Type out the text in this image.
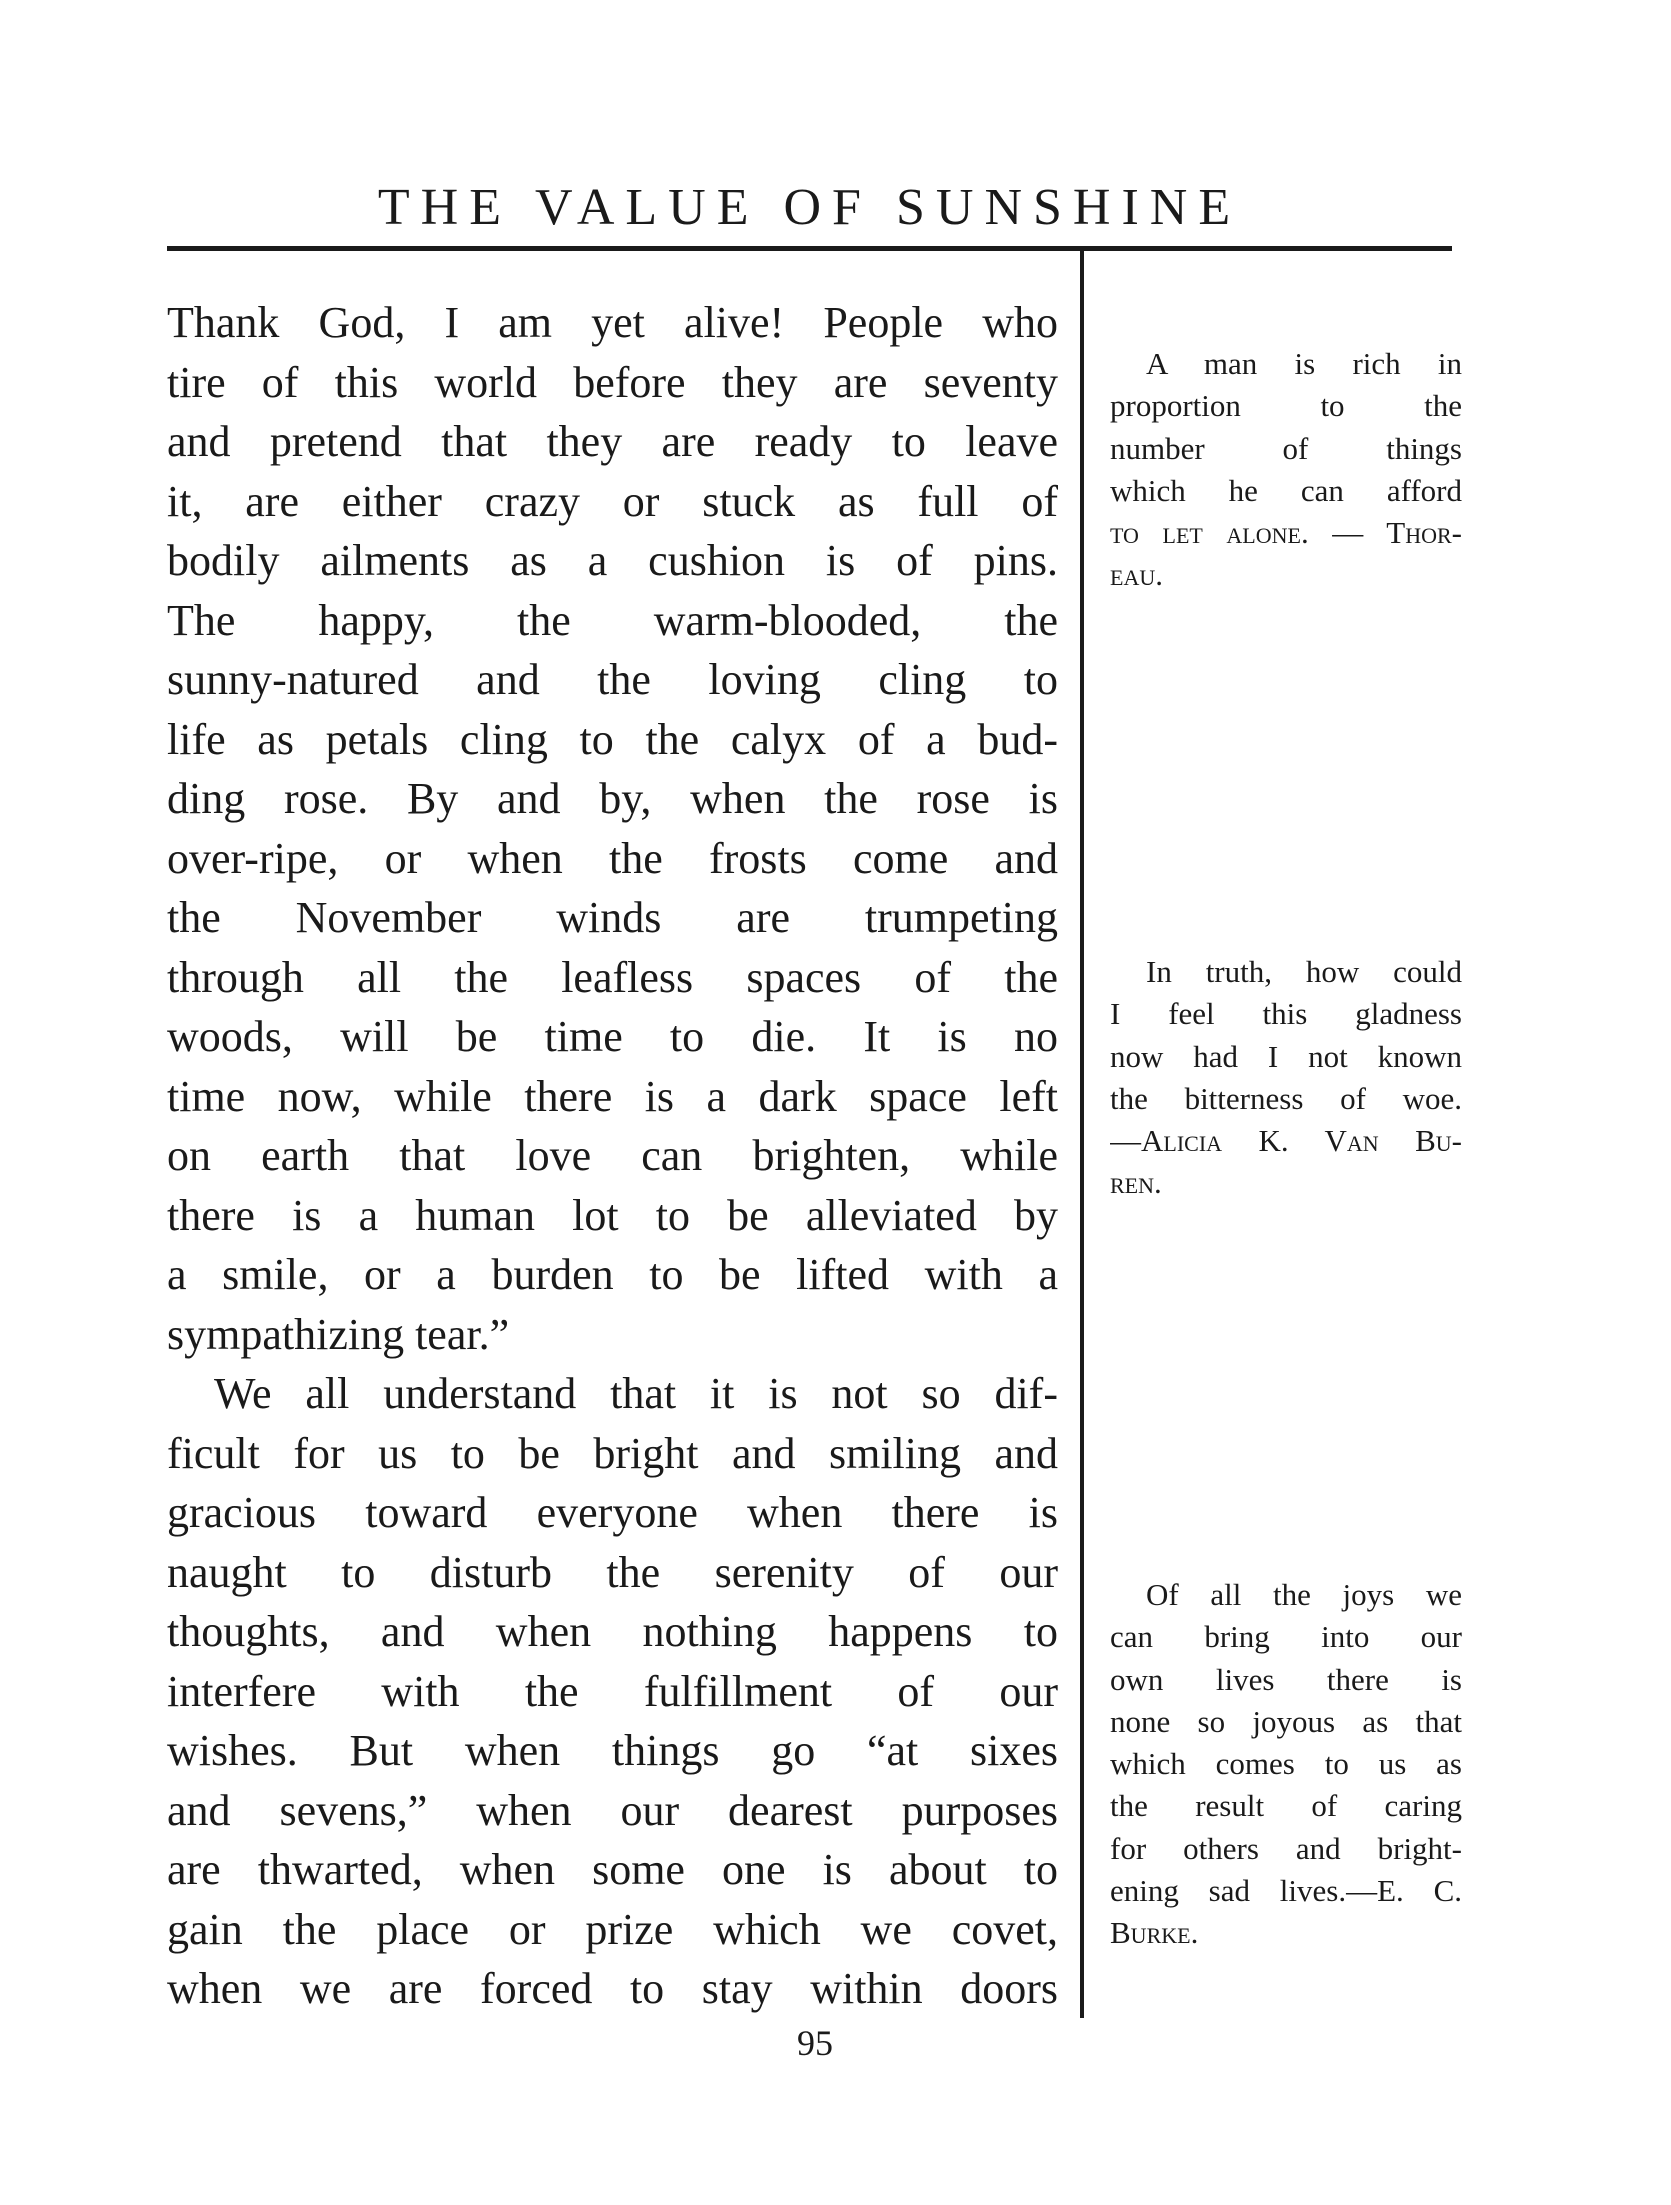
THE VALUE OF SUNSHINE
Thank God, I am yet alive! People who
tire of this world before they are seventy
and pretend that they are ready to leave
it, are either crazy or stuck as full of
bodily ailments as a cushion is of pins.
The happy, the warm-blooded, the
sunny-natured and the loving cling to
life as petals cling to the calyx of a bud-
ding rose. By and by, when the rose is
over-ripe, or when the frosts come and
the November winds are trumpeting
through all the leafless spaces of the
woods, will be time to die. It is no
time now, while there is a dark space left
on earth that love can brighten, while
there is a human lot to be alleviated by
a smile, or a burden to be lifted with a
sympathizing tear.”
We all understand that it is not so dif-
ficult for us to be bright and smiling and
gracious toward everyone when there is
naught to disturb the serenity of our
thoughts, and when nothing happens to
interfere with the fulfillment of our
wishes. But when things go “at sixes
and sevens,” when our dearest purposes
are thwarted, when some one is about to
gain the place or prize which we covet,
when we are forced to stay within doors
A man is rich in
proportion to the
number of things
which he can afford
to let alone. — Thor-
eau.
In truth, how could
I feel this gladness
now had I not known
the bitterness of woe.
—Alicia K. Van Bu-
ren.
Of all the joys we
can bring into our
own lives there is
none so joyous as that
which comes to us as
the result of caring
for others and bright-
ening sad lives.—E. C.
Burke.
95
